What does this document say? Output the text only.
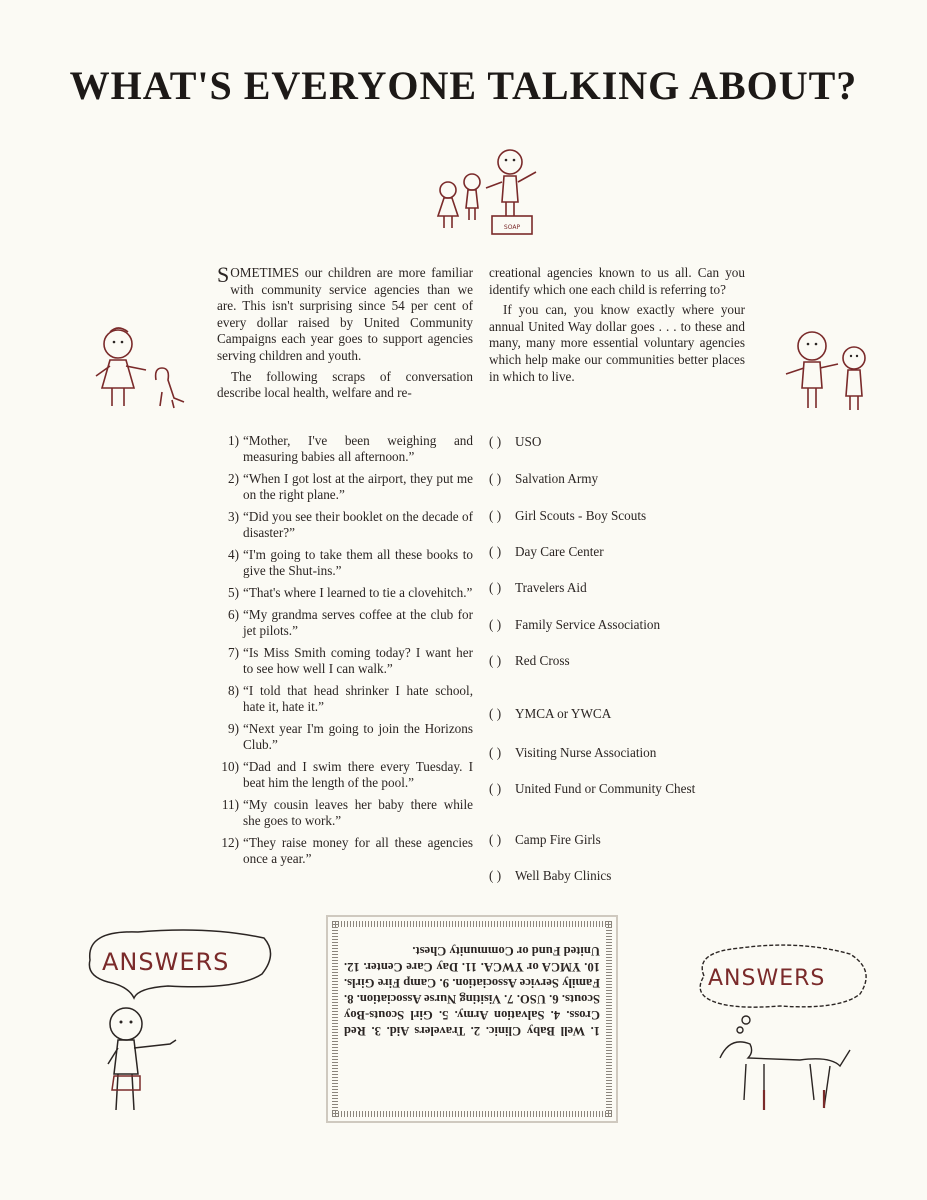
WHAT'S EVERYONE TALKING ABOUT?
SOAP

SOMETIMES our children are more familiar with community service agencies than we are. This isn't surprising since 54 per cent of every dollar raised by United Community Campaigns each year goes to support agencies serving children and youth.

The following scraps of conversation describe local health, welfare and re-

creational agencies known to us all. Can you identify which one each child is referring to?

If you can, you know exactly where your annual United Way dollar goes . . . to these and many, many more essential voluntary agencies which help make our communities better places in which to live.

1) “Mother, I've been weighing and measuring babies all afternoon.”
2) “When I got lost at the airport, they put me on the right plane.”
3) “Did you see their booklet on the decade of disaster?”
4) “I'm going to take them all these books to give the Shut-ins.”
5) “That's where I learned to tie a clovehitch.”
6) “My grandma serves coffee at the club for jet pilots.”
7) “Is Miss Smith coming today? I want her to see how well I can walk.”
8) “I told that head shrinker I hate school, hate it, hate it.”
9) “Next year I'm going to join the Horizons Club.”
10) “Dad and I swim there every Tuesday. I beat him the length of the pool.”
11) “My cousin leaves her baby there while she goes to work.”
12) “They raise money for all these agencies once a year.”
( ) USO
( ) Salvation Army
( ) Girl Scouts - Boy Scouts
( ) Day Care Center
( ) Travelers Aid
( ) Family Service Association
( ) Red Cross
( ) YMCA or YWCA
( ) Visiting Nurse Association
( ) United Fund or Community Chest
( ) Camp Fire Girls
( ) Well Baby Clinics
ANSWERS
ANSWERS
1. Well Baby Clinic. 2. Travelers Aid. 3. Red Cross. 4. Salvation Army. 5. Girl Scouts-Boy Scouts. 6. USO. 7. Visiting Nurse Association. 8. Family Service Association. 9. Camp Fire Girls. 10. YMCA or YWCA. 11. Day Care Center. 12. United Fund or Community Chest.
